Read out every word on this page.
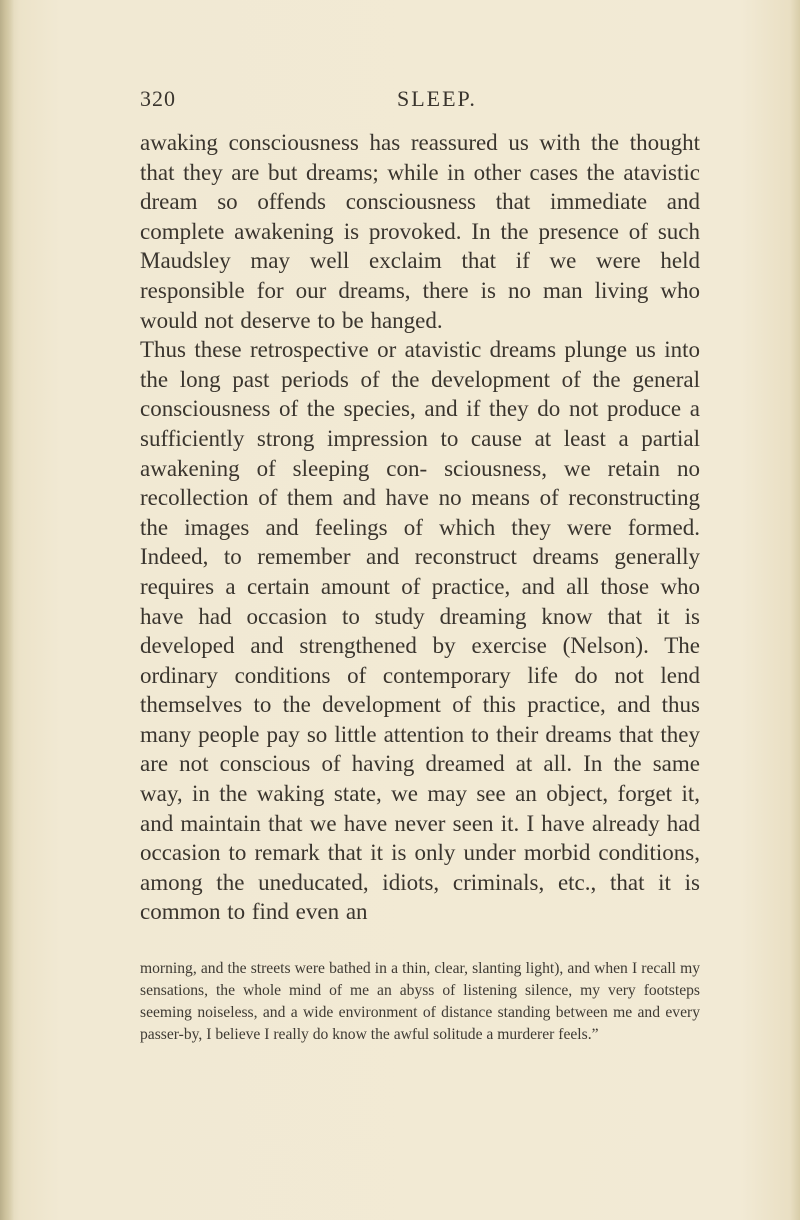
320	SLEEP.

awaking consciousness has reassured us with the thought that they are but dreams; while in other cases the atavistic dream so offends consciousness that immediate and complete awakening is provoked. In the presence of such Maudsley may well exclaim that if we were held responsible for our dreams, there is no man living who would not deserve to be hanged.

Thus these retrospective or atavistic dreams plunge us into the long past periods of the development of the general consciousness of the species, and if they do not produce a sufficiently strong impression to cause at least a partial awakening of sleeping con- sciousness, we retain no recollection of them and have no means of reconstructing the images and feelings of which they were formed. Indeed, to remember and reconstruct dreams generally requires a certain amount of practice, and all those who have had occasion to study dreaming know that it is developed and strengthened by exercise (Nelson). The ordinary conditions of contemporary life do not lend themselves to the development of this practice, and thus many people pay so little attention to their dreams that they are not conscious of having dreamed at all. In the same way, in the waking state, we may see an object, forget it, and maintain that we have never seen it. I have already had occasion to remark that it is only under morbid conditions, among the uneducated, idiots, criminals, etc., that it is common to find even an

morning, and the streets were bathed in a thin, clear, slanting light), and when I recall my sensations, the whole mind of me an abyss of listening silence, my very footsteps seeming noiseless, and a wide environment of distance standing between me and every passer-by, I believe I really do know the awful solitude a murderer feels.”
